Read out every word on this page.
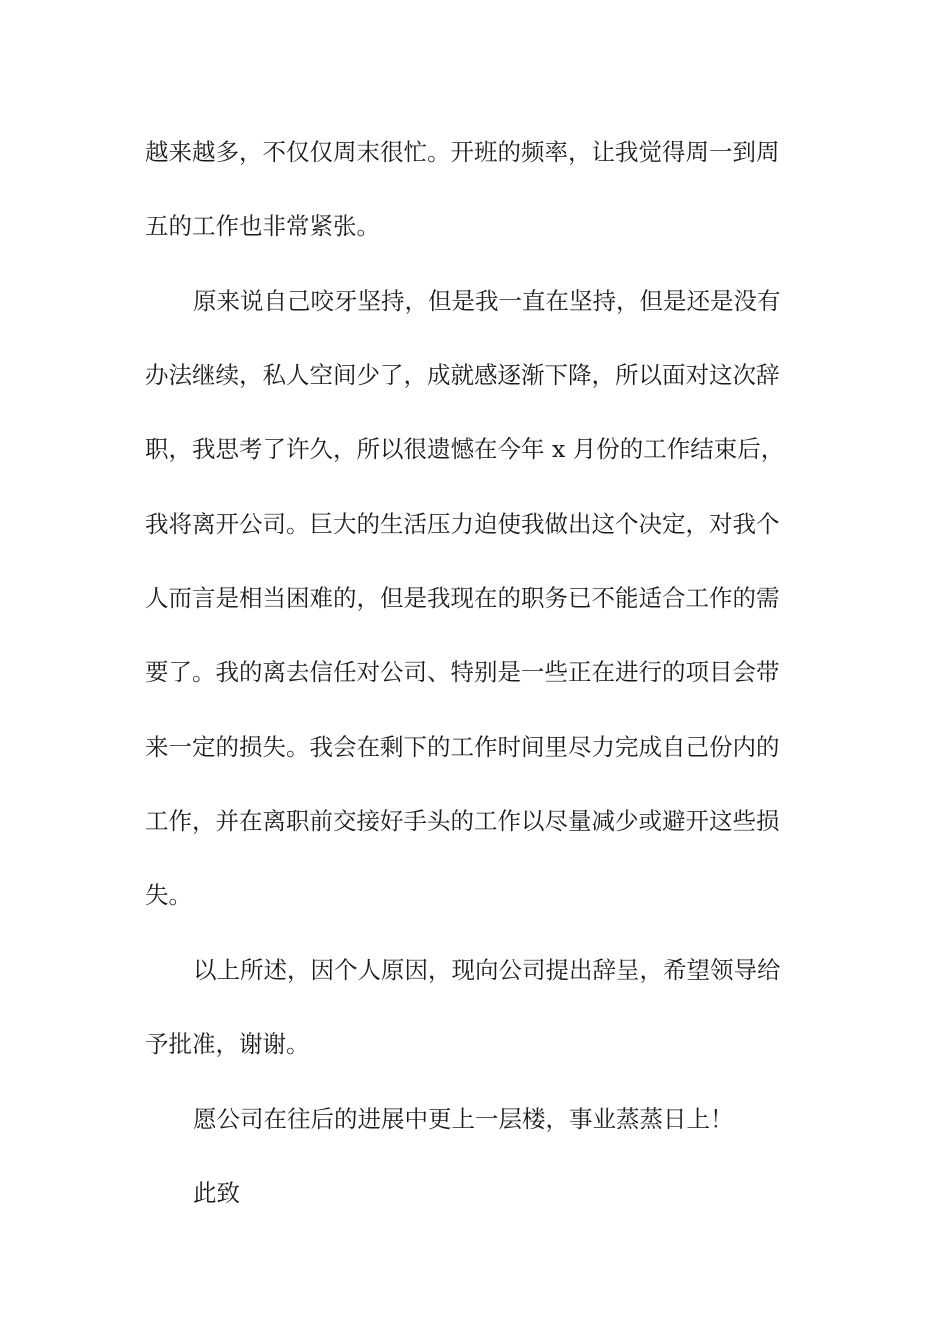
越来越多，不仅仅周末很忙。开班的频率，让我觉得周一到周
五的工作也非常紧张。
原来说自己咬牙坚持，但是我一直在坚持，但是还是没有
办法继续，私人空间少了，成就感逐渐下降，所以面对这次辞
职，我思考了许久，所以很遗憾在今年 x 月份的工作结束后，
我将离开公司。巨大的生活压力迫使我做出这个决定，对我个
人而言是相当困难的，但是我现在的职务已不能适合工作的需
要了。我的离去信任对公司、特别是一些正在进行的项目会带
来一定的损失。我会在剩下的工作时间里尽力完成自己份内的
工作，并在离职前交接好手头的工作以尽量减少或避开这些损
失。
以上所述，因个人原因，现向公司提出辞呈，希望领导给
予批准，谢谢。
愿公司在往后的进展中更上一层楼，事业蒸蒸日上！
此致
